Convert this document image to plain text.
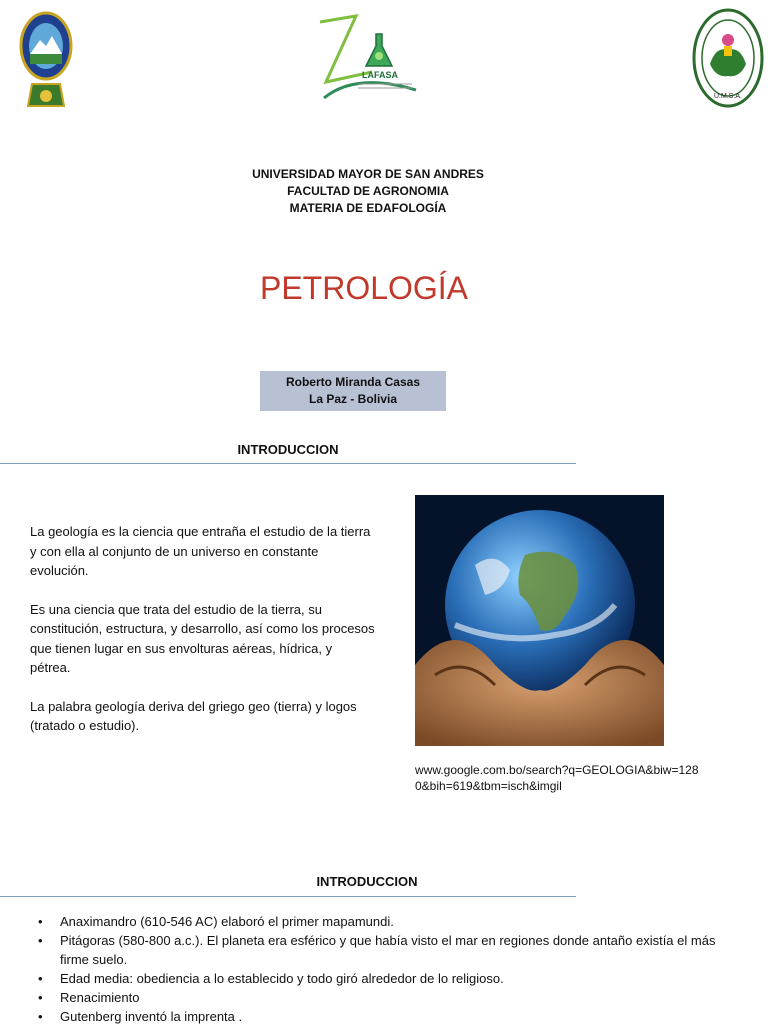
LAFASA
U.M.S.A.
UNIVERSIDAD MAYOR DE SAN ANDRES
FACULTAD DE AGRONOMIA
MATERIA DE EDAFOLOGÍA
PETROLOGÍA
Roberto Miranda Casas
La Paz - Bolivia
INTRODUCCION

La geología es la ciencia que entraña el estudio de la tierra y con ella al conjunto de un universo en constante evolución.

Es una ciencia que trata del estudio de la tierra, su constitución, estructura, y desarrollo, así como los procesos que tienen lugar en sus envolturas aéreas, hídrica, y pétrea.

La palabra geología deriva del griego geo (tierra) y logos (tratado o estudio).

www.google.com.bo/search?q=GEOLOGIA&biw=1280&bih=619&tbm=isch&imgil
INTRODUCCION
•	Anaximandro (610-546 AC) elaboró el primer mapamundi.
•	Pitágoras (580-800 a.c.). El planeta era esférico y que había visto el mar en regiones donde antaño existía el más firme suelo.
•	Edad media: obediencia a lo establecido y todo giró alrededor de lo religioso.
•	Renacimiento
•	Gutenberg inventó la imprenta .
